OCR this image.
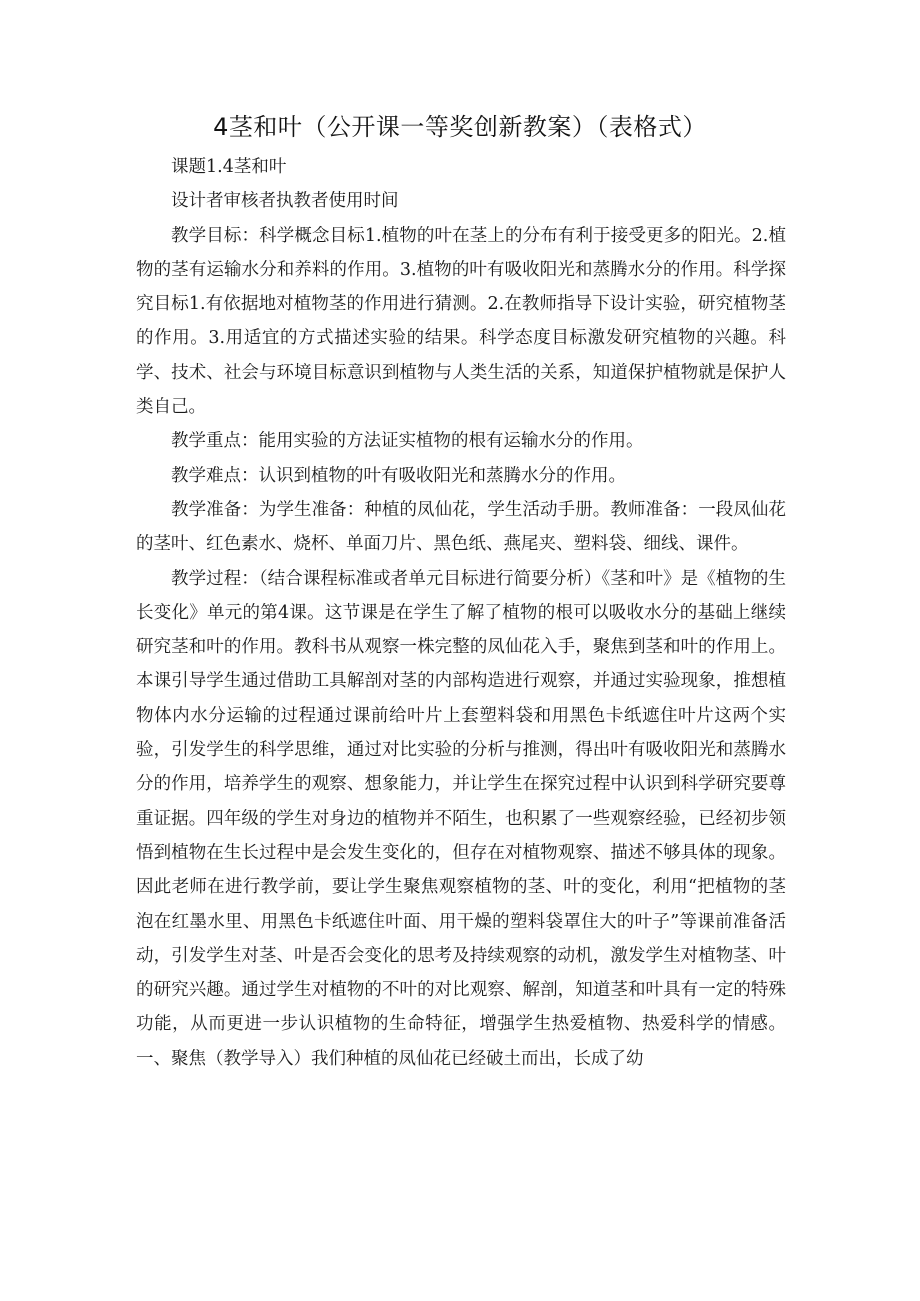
4茎和叶（公开课一等奖创新教案）（表格式）

课题1.4茎和叶

设计者审核者执教者使用时间

教学目标：科学概念目标1.植物的叶在茎上的分布有利于接受更多的阳光。2.植物的茎有运输水分和养料的作用。3.植物的叶有吸收阳光和蒸腾水分的作用。科学探究目标1.有依据地对植物茎的作用进行猜测。2.在教师指导下设计实验，研究植物茎的作用。3.用适宜的方式描述实验的结果。科学态度目标激发研究植物的兴趣。科学、技术、社会与环境目标意识到植物与人类生活的关系，知道保护植物就是保护人类自己。

教学重点：能用实验的方法证实植物的根有运输水分的作用。

教学难点：认识到植物的叶有吸收阳光和蒸腾水分的作用。

教学准备：为学生准备：种植的凤仙花，学生活动手册。教师准备：一段凤仙花的茎叶、红色素水、烧杯、单面刀片、黑色纸、燕尾夹、塑料袋、细线、课件。

教学过程：（结合课程标准或者单元目标进行简要分析）《茎和叶》是《植物的生长变化》单元的第4课。这节课是在学生了解了植物的根可以吸收水分的基础上继续研究茎和叶的作用。教科书从观察一株完整的凤仙花入手，聚焦到茎和叶的作用上。本课引导学生通过借助工具解剖对茎的内部构造进行观察，并通过实验现象，推想植物体内水分运输的过程通过课前给叶片上套塑料袋和用黑色卡纸遮住叶片这两个实验，引发学生的科学思维，通过对比实验的分析与推测，得出叶有吸收阳光和蒸腾水分的作用，培养学生的观察、想象能力，并让学生在探究过程中认识到科学研究要尊重证据。四年级的学生对身边的植物并不陌生，也积累了一些观察经验，已经初步领悟到植物在生长过程中是会发生变化的，但存在对植物观察、描述不够具体的现象。因此老师在进行教学前，要让学生聚焦观察植物的茎、叶的变化，利用“把植物的茎泡在红墨水里、用黑色卡纸遮住叶面、用干燥的塑料袋罩住大的叶子”等课前准备活动，引发学生对茎、叶是否会变化的思考及持续观察的动机，激发学生对植物茎、叶的研究兴趣。通过学生对植物的不叶的对比观察、解剖，知道茎和叶具有一定的特殊功能，从而更进一步认识植物的生命特征，增强学生热爱植物、热爱科学的情感。一、聚焦（教学导入）我们种植的凤仙花已经破土而出，长成了幼
